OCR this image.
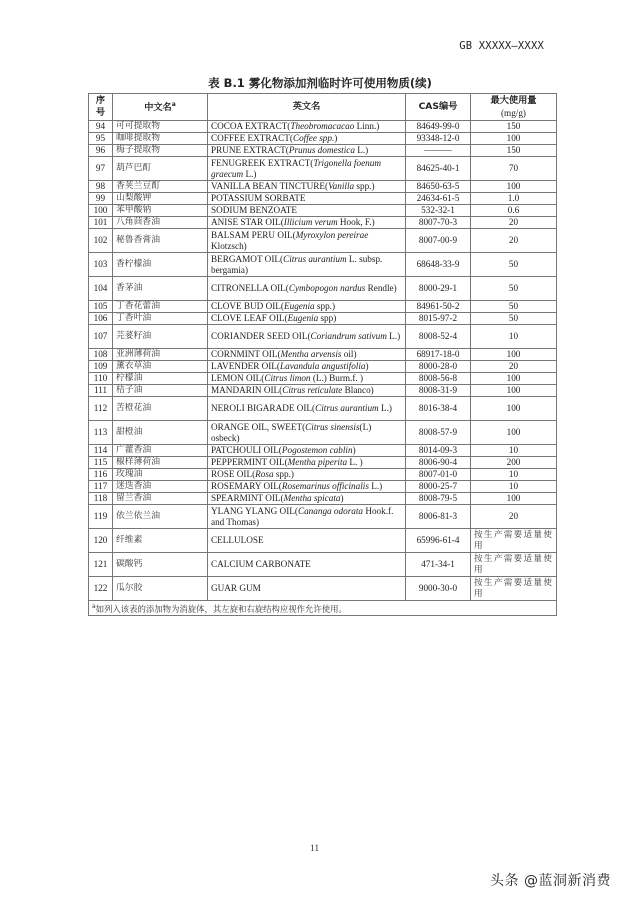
GB XXXXX—XXXX
表 B.1 雾化物添加剂临时许可使用物质(续)
序号	中文名$^a$	英文名	CAS编号	最大使用量
(mg/g)

94	可可提取物	COCOA EXTRACT(Theobromacacao Linn.)	84649-99-0	150
95	咖啡提取物	COFFEE EXTRACT(Coffee spp.)	93348-12-0	100
96	梅子提取物	PRUNE EXTRACT(Prunus domestica L.)	———	150
97	葫芦巴酊	FENUGREEK EXTRACT(Trigonella foenum graecum L.)	84625-40-1	70
98	香荚兰豆酊	VANILLA BEAN TINCTURE(Vanilla spp.)	84650-63-5	100
99	山梨酸钾	POTASSIUM SORBATE	24634-61-5	1.0
100	苯甲酸钠	SODIUM BENZOATE	532-32-1	0.6
101	八角茴香油	ANISE STAR OIL(Illicium verum Hook, F.)	8007-70-3	20
102	秘鲁香膏油	BALSAM PERU OIL(Myroxylon pereirae Klotzsch)	8007-00-9	20
103	香柠檬油	BERGAMOT OIL(Citrus aurantium L. subsp. bergamia)	68648-33-9	50
104	香茅油	CITRONELLA OIL(Cymbopogon nardus Rendle)	8000-29-1	50
105	丁香花蕾油	CLOVE BUD OIL(Eugenia spp.)	84961-50-2	50
106	丁香叶油	CLOVE LEAF OIL(Eugenia spp)	8015-97-2	50
107	芫荽籽油	CORIANDER SEED OIL(Coriandrum sativum L.)	8008-52-4	10
108	亚洲薄荷油	CORNMINT OIL(Mentha arvensis oil)	68917-18-0	100
109	薰衣草油	LAVENDER OIL(Lavandula angustifolia)	8000-28-0	20
110	柠檬油	LEMON OIL(Citrus limon (L.) Burm.f. )	8008-56-8	100
111	桔子油	MANDARIN OIL(Citrus reticulate Blanco)	8008-31-9	100
112	苦橙花油	NEROLI BIGARADE OIL(Citrus aurantium L.)	8016-38-4	100
113	甜橙油	ORANGE OIL, SWEET(Citrus sinensis(L) osbeck)	8008-57-9	100
114	广藿香油	PATCHOULI OIL(Pogostemon cablin)	8014-09-3	10
115	椒样薄荷油	PEPPERMINT OIL(Mentha piperita L. )	8006-90-4	200
116	玫瑰油	ROSE OIL(Rosa spp.)	8007-01-0	10
117	迷迭香油	ROSEMARY OIL(Rosemarinus officinalis L.)	8000-25-7	10
118	留兰香油	SPEARMINT OIL(Mentha spicata)	8008-79-5	100
119	依兰依兰油	YLANG YLANG OIL(Cananga odorata Hook.f. and Thomas)	8006-81-3	20
120	纤维素	CELLULOSE	65996-61-4	按生产需要适量使用
121	碳酸钙	CALCIUM CARBONATE	471-34-1	按生产需要适量使用
122	瓜尔胶	GUAR GUM	9000-30-0	按生产需要适量使用
$^a$如列入该表的添加物为消旋体，其左旋和右旋结构应视作允许使用。				
11
头条 @蓝洞新消费
